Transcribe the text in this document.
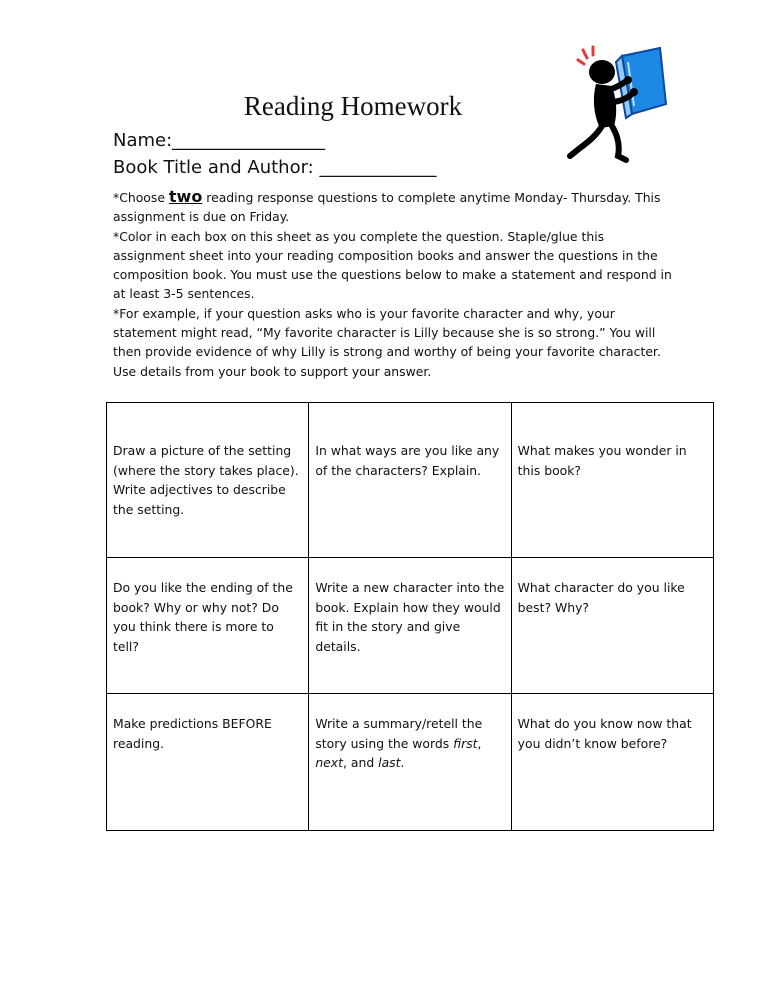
Reading Homework
Name:_________________
Book Title and Author: _____________

*Choose two reading response questions to complete anytime Monday- Thursday. This assignment is due on Friday.

*Color in each box on this sheet as you complete the question. Staple/glue this assignment sheet into your reading composition books and answer the questions in the composition book. You must use the questions below to make a statement and respond in at least 3-5 sentences.

*For example, if your question asks who is your favorite character and why, your statement might read, “My favorite character is Lilly because she is so strong.” You will then provide evidence of why Lilly is strong and worthy of being your favorite character. Use details from your book to support your answer.

Draw a picture of the setting (where the story takes place). Write adjectives to describe the setting.	In what ways are you like any of the characters? Explain.	What makes you wonder in this book?
Do you like the ending of the book? Why or why not? Do you think there is more to tell?	Write a new character into the book. Explain how they would fit in the story and give details.	What character do you like best? Why?
Make predictions BEFORE reading.	Write a summary/retell the story using the words first, next, and last.	What do you know now that you didn’t know before?
